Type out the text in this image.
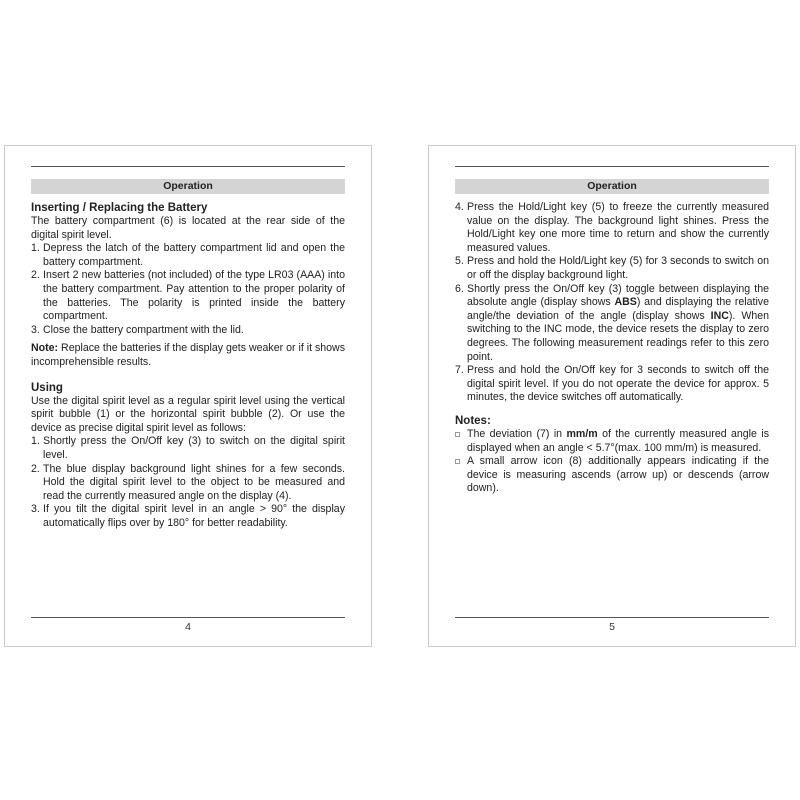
Operation
Inserting / Replacing the Battery

The battery compartment (6) is located at the rear side of the digital spirit level.

1. Depress the latch of the battery compartment lid and open the battery compartment.
2. Insert 2 new batteries (not included) of the type LR03 (AAA) into the battery compartment. Pay attention to the proper polarity of the batteries. The polarity is printed inside the battery compartment.
3. Close the battery compartment with the lid.

Note: Replace the batteries if the display gets weaker or if it shows incomprehensible results.

Using

Use the digital spirit level as a regular spirit level using the vertical spirit bubble (1) or the horizontal spirit bubble (2). Or use the device as precise digital spirit level as follows:

1. Shortly press the On/Off key (3) to switch on the digital spirit level.
2. The blue display background light shines for a few seconds. Hold the digital spirit level to the object to be measured and read the currently measured angle on the display (4).
3. If you tilt the digital spirit level in an angle > 90° the display automatically flips over by 180° for better readability.
4
Operation
4. Press the Hold/Light key (5) to freeze the currently measured value on the display. The background light shines. Press the Hold/Light key one more time to return and show the currently measured values.
5. Press and hold the Hold/Light key (5) for 3 seconds to switch on or off the display background light.
6. Shortly press the On/Off key (3) toggle between displaying the absolute angle (display shows ABS) and displaying the relative angle/the deviation of the angle (display shows INC). When switching to the INC mode, the device resets the display to zero degrees. The following measurement readings refer to this zero point.
7. Press and hold the On/Off key for 3 seconds to switch off the digital spirit level. If you do not operate the device for approx. 5 minutes, the device switches off automatically.
Notes:
The deviation (7) in mm/m of the currently measured angle is displayed when an angle < 5.7°(max. 100 mm/m) is measured.
A small arrow icon (8) additionally appears indicating if the device is measuring ascends (arrow up) or descends (arrow down).
5
